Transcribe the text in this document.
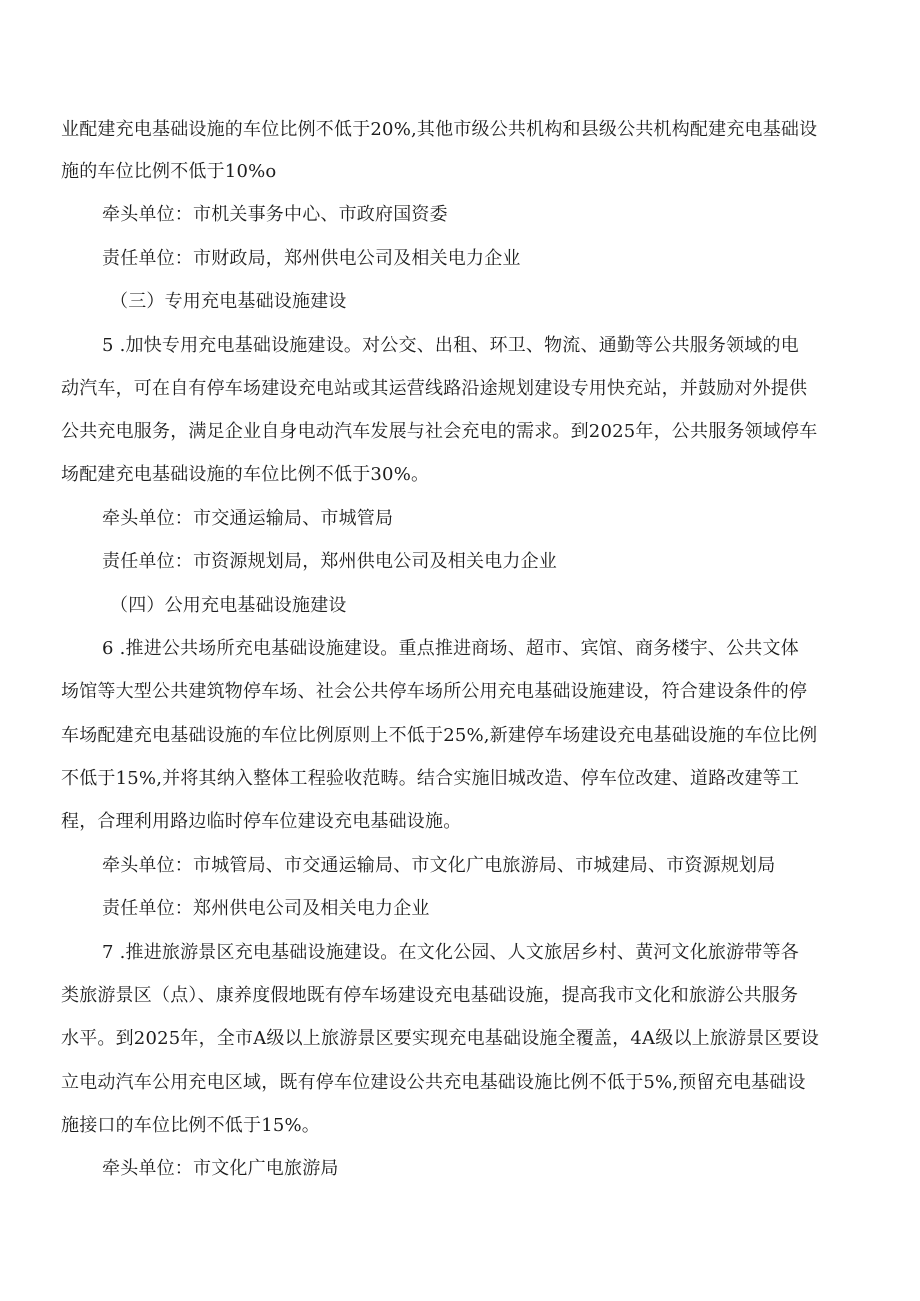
业配建充电基础设施的车位比例不低于20%,其他市级公共机构和县级公共机构配建充电基础设
施的车位比例不低于10%o
牵头单位：市机关事务中心、市政府国资委
责任单位：市财政局，郑州供电公司及相关电力企业
（三）专用充电基础设施建设
5 .加快专用充电基础设施建设。对公交、出租、环卫、物流、通勤等公共服务领域的电
动汽车，可在自有停车场建设充电站或其运营线路沿途规划建设专用快充站，并鼓励对外提供
公共充电服务，满足企业自身电动汽车发展与社会充电的需求。到2025年，公共服务领域停车
场配建充电基础设施的车位比例不低于30%。
牵头单位：市交通运输局、市城管局
责任单位：市资源规划局，郑州供电公司及相关电力企业
（四）公用充电基础设施建设
6 .推进公共场所充电基础设施建设。重点推进商场、超市、宾馆、商务楼宇、公共文体
场馆等大型公共建筑物停车场、社会公共停车场所公用充电基础设施建设，符合建设条件的停
车场配建充电基础设施的车位比例原则上不低于25%,新建停车场建设充电基础设施的车位比例
不低于15%,并将其纳入整体工程验收范畴。结合实施旧城改造、停车位改建、道路改建等工
程，合理利用路边临时停车位建设充电基础设施。
牵头单位：市城管局、市交通运输局、市文化广电旅游局、市城建局、市资源规划局
责任单位：郑州供电公司及相关电力企业
7 .推进旅游景区充电基础设施建设。在文化公园、人文旅居乡村、黄河文化旅游带等各
类旅游景区（点）、康养度假地既有停车场建设充电基础设施，提高我市文化和旅游公共服务
水平。到2025年，全市A级以上旅游景区要实现充电基础设施全覆盖，4A级以上旅游景区要设
立电动汽车公用充电区域，既有停车位建设公共充电基础设施比例不低于5%,预留充电基础设
施接口的车位比例不低于15%。
牵头单位：市文化广电旅游局
